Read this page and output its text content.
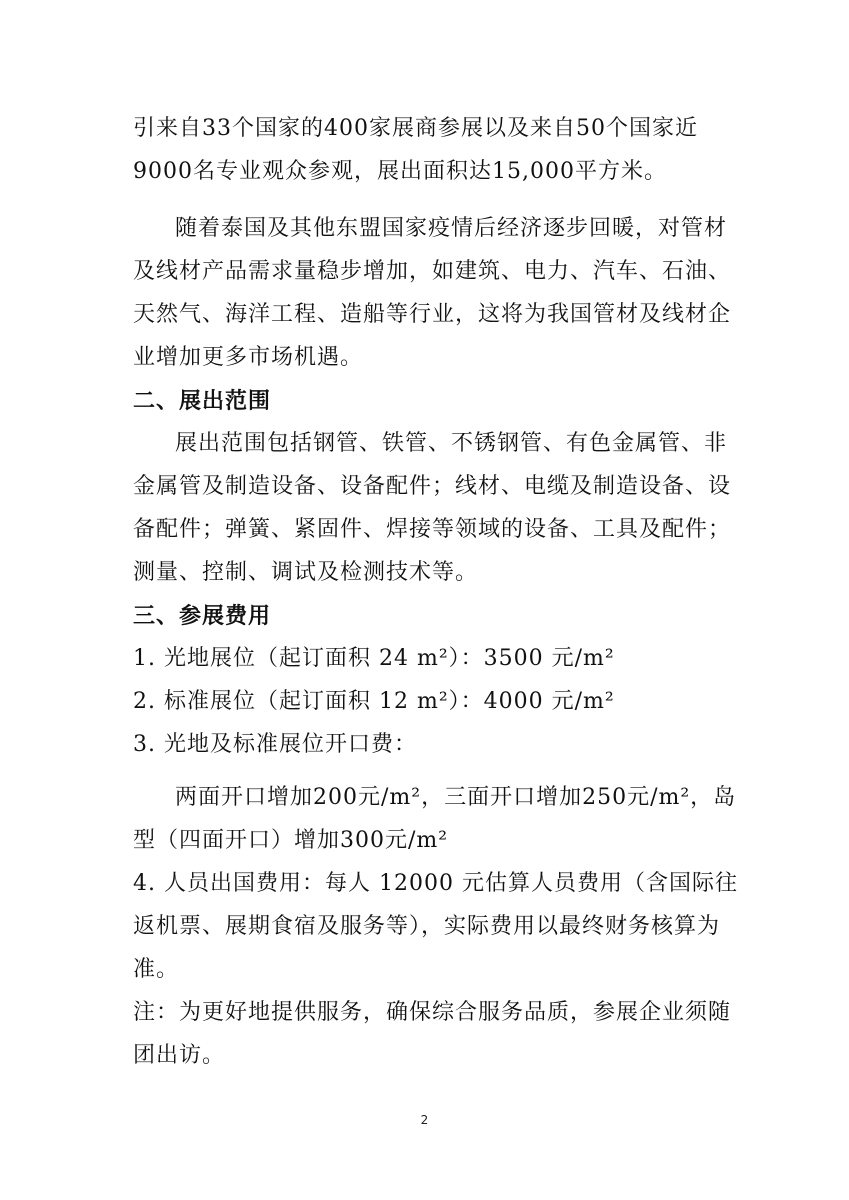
引来自33个国家的400家展商参展以及来自50个国家近

9000名专业观众参观，展出面积达15,000平方米。

随着泰国及其他东盟国家疫情后经济逐步回暖，对管材

及线材产品需求量稳步增加，如建筑、电力、汽车、石油、

天然气、海洋工程、造船等行业，这将为我国管材及线材企

业增加更多市场机遇。

二、展出范围

展出范围包括钢管、铁管、不锈钢管、有色金属管、非

金属管及制造设备、设备配件；线材、电缆及制造设备、设

备配件；弹簧、紧固件、焊接等领域的设备、工具及配件；

测量、控制、调试及检测技术等。

三、参展费用

1. 光地展位（起订面积 24 m²）：3500 元/m²

2. 标准展位（起订面积 12 m²）：4000 元/m²

3. 光地及标准展位开口费：

两面开口增加200元/m²，三面开口增加250元/m²，岛

型（四面开口）增加300元/m²

4. 人员出国费用：每人 12000 元估算人员费用（含国际往

返机票、展期食宿及服务等），实际费用以最终财务核算为

准。

注：为更好地提供服务，确保综合服务品质，参展企业须随

团出访。

2
